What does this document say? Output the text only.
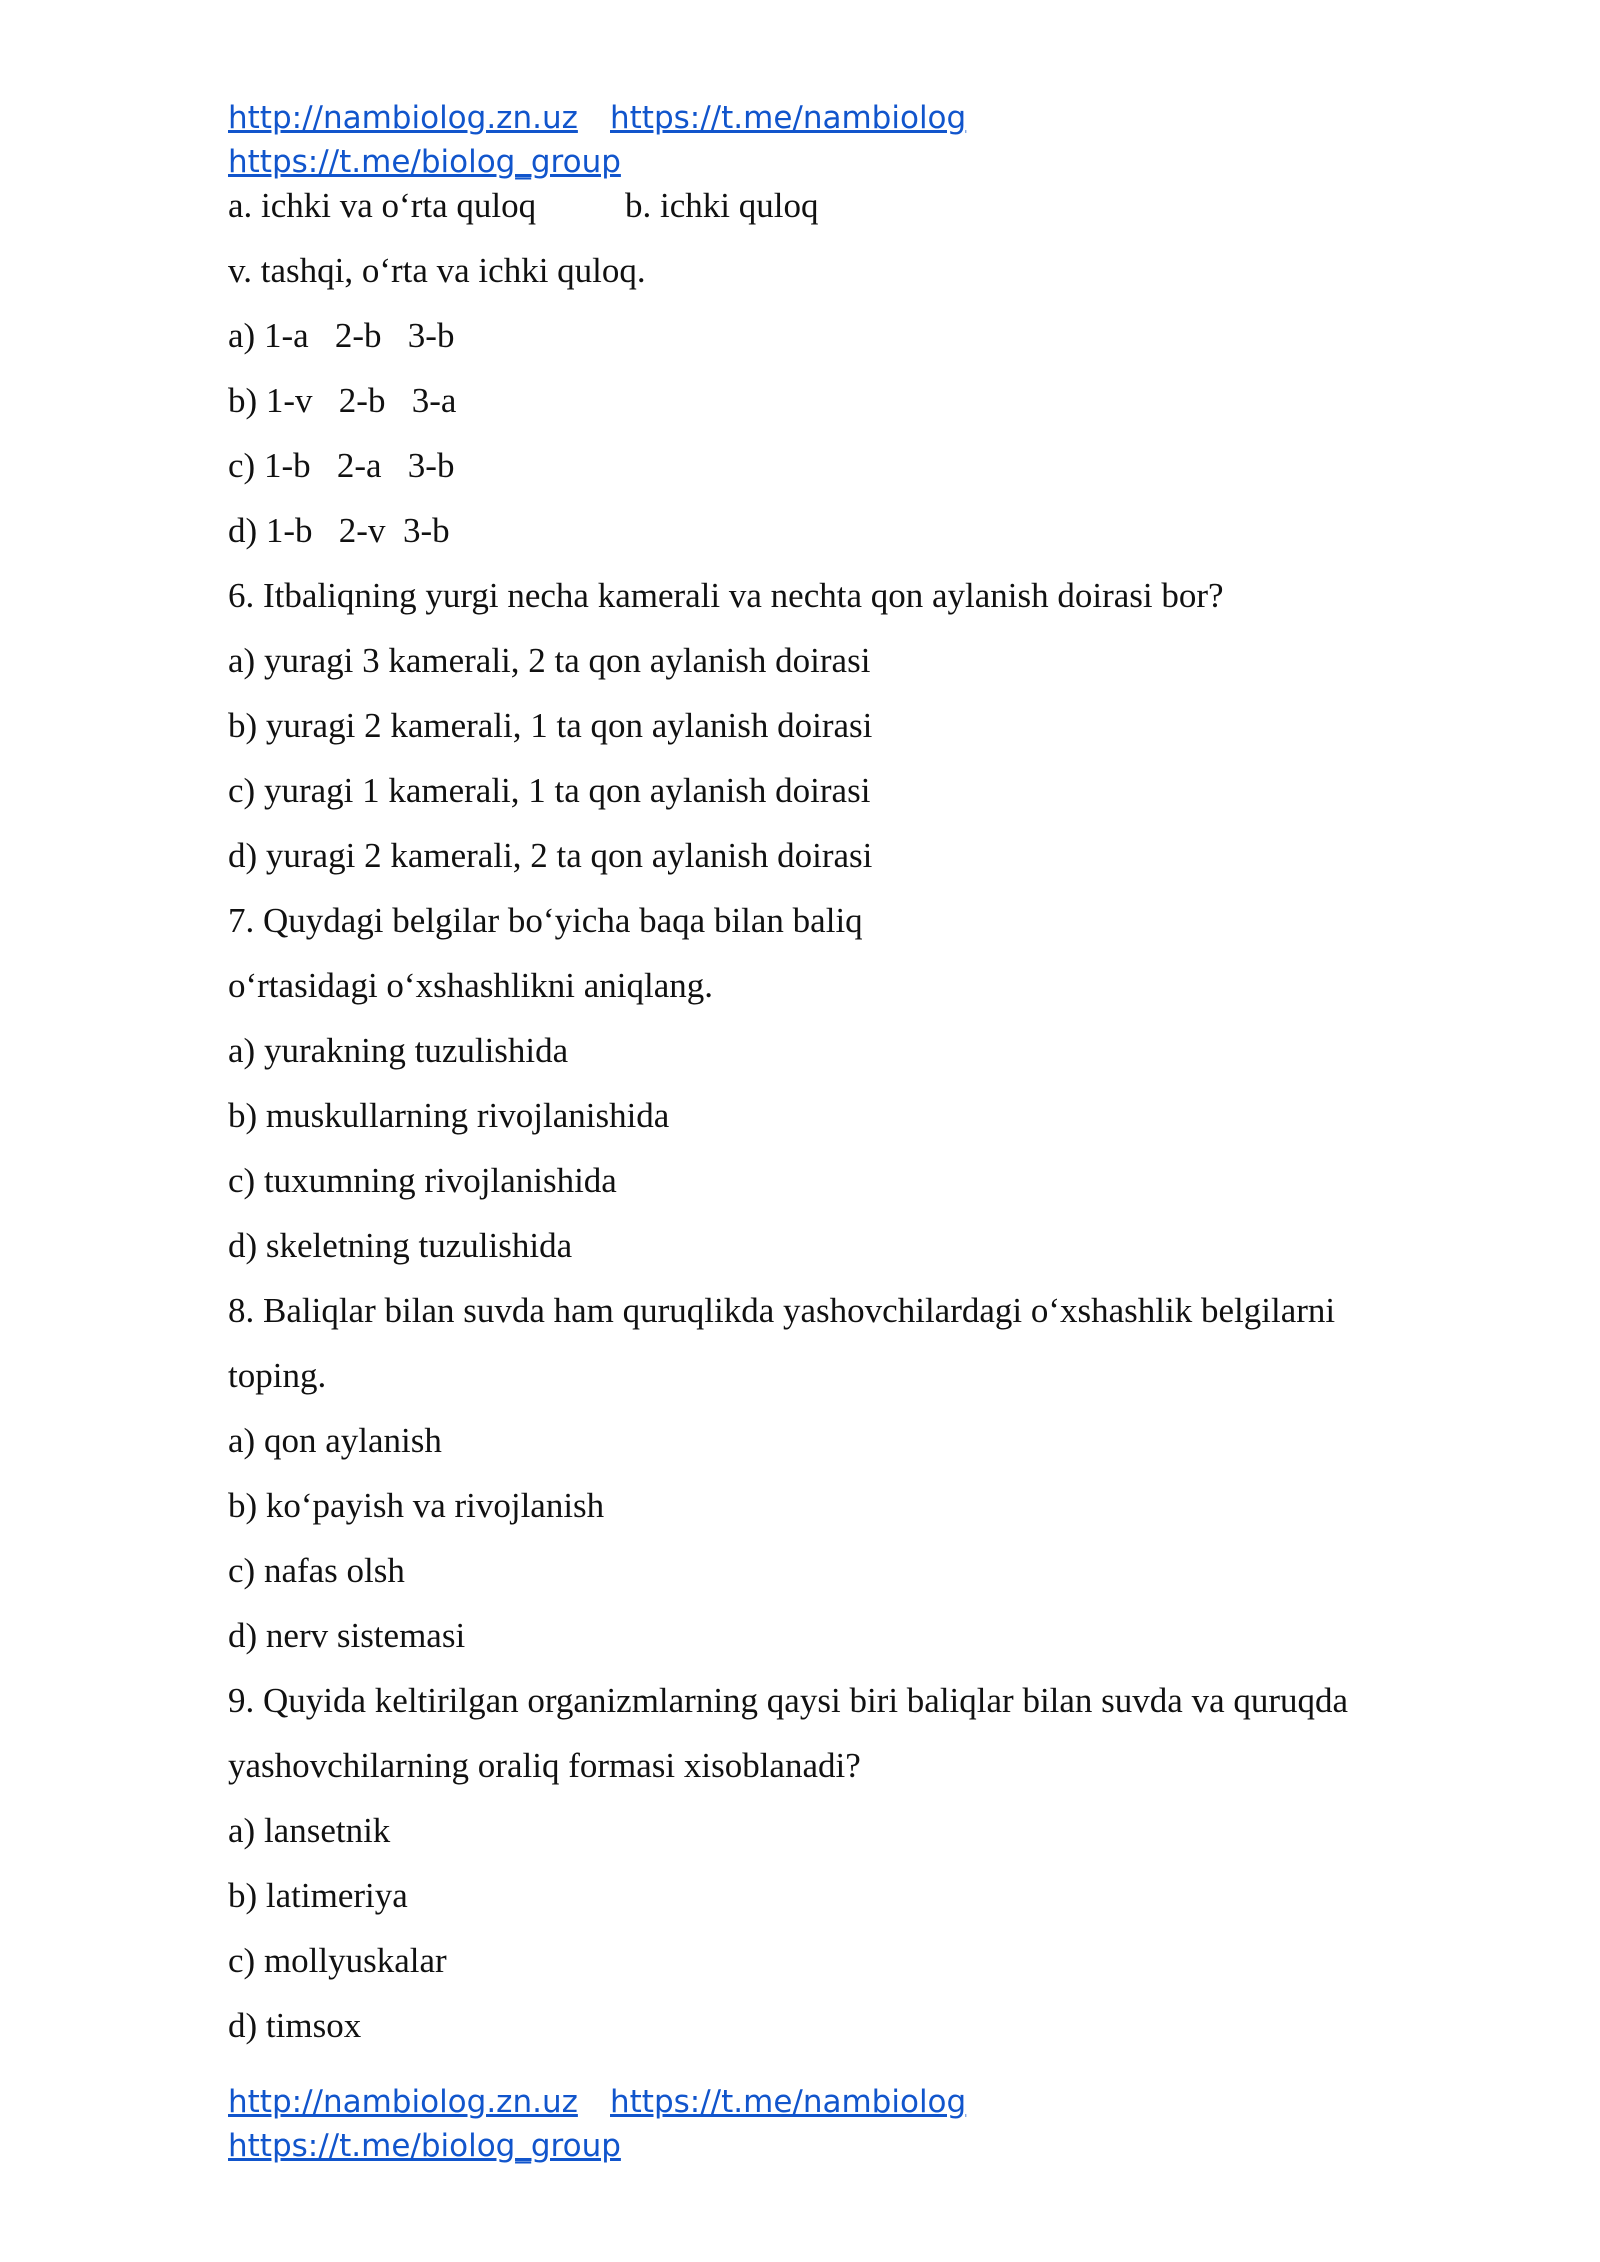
http://nambiolog.zn.uz https://t.me/nambiolog
https://t.me/biolog_group
a. ichki va o‘rta quloq	b. ichki quloq
v. tashqi, o‘rta va ichki quloq.
a) 1-a   2-b   3-b
b) 1-v   2-b   3-a
c) 1-b   2-a   3-b
d) 1-b   2-v  3-b
6. Itbaliqning yurgi necha kamerali va nechta qon aylanish doirasi bor?
a) yuragi 3 kamerali, 2 ta qon aylanish doirasi
b) yuragi 2 kamerali, 1 ta qon aylanish doirasi
c) yuragi 1 kamerali, 1 ta qon aylanish doirasi
d) yuragi 2 kamerali, 2 ta qon aylanish doirasi
7. Quydagi belgilar bo‘yicha baqa bilan baliq
o‘rtasidagi o‘xshashlikni aniqlang.
a) yurakning tuzulishida
b) muskullarning rivojlanishida
c) tuxumning rivojlanishida
d) skeletning tuzulishida
8. Baliqlar bilan suvda ham quruqlikda yashovchilardagi o‘xshashlik belgilarni
toping.
a) qon aylanish
b) ko‘payish va rivojlanish
c) nafas olsh
d) nerv sistemasi
9. Quyida keltirilgan organizmlarning qaysi biri baliqlar bilan suvda va quruqda
yashovchilarning oraliq formasi xisoblanadi?
a) lansetnik
b) latimeriya
c) mollyuskalar
d) timsox
http://nambiolog.zn.uz https://t.me/nambiolog
https://t.me/biolog_group
